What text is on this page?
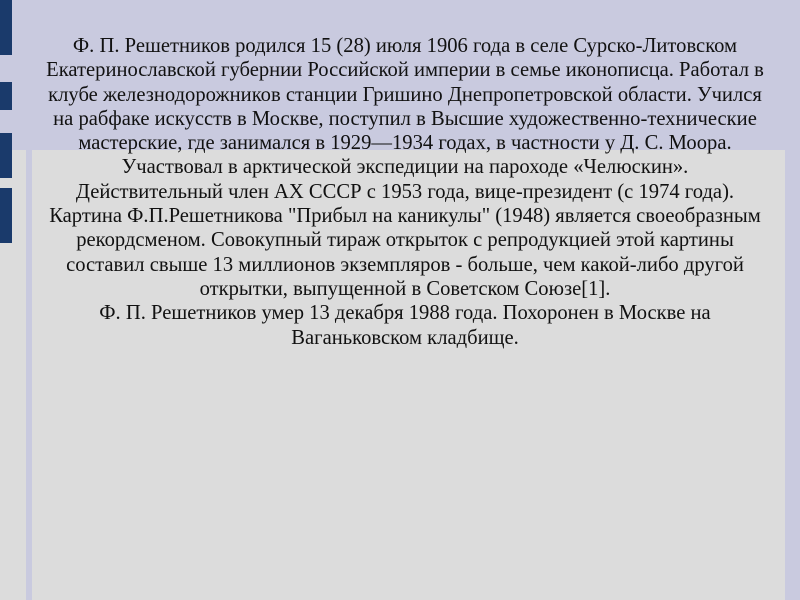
Ф. П. Решетников родился 15 (28) июля 1906 года в селе Сурско-Литовском Екатеринославской губернии Российской империи в семье иконописца. Работал в клубе железнодорожников станции Гришино Днепропетровской области. Учился на рабфаке искусств в Москве, поступил в Высшие художественно-технические мастерские, где занимался в 1929—1934 годах, в частности у Д. С. Моора. Участвовал в арктической экспедиции на пароходе «Челюскин». Действительный член АХ СССР с 1953 года, вице-президент (с 1974 года).

Картина Ф.П.Решетникова "Прибыл на каникулы" (1948) является своеобразным рекордсменом. Совокупный тираж открыток с репродукцией этой картины составил свыше 13 миллионов экземпляров - больше, чем какой-либо другой открытки, выпущенной в Советском Союзе[1].

Ф. П. Решетников умер 13 декабря 1988 года. Похоронен в Москве на Ваганьковском кладбище.
